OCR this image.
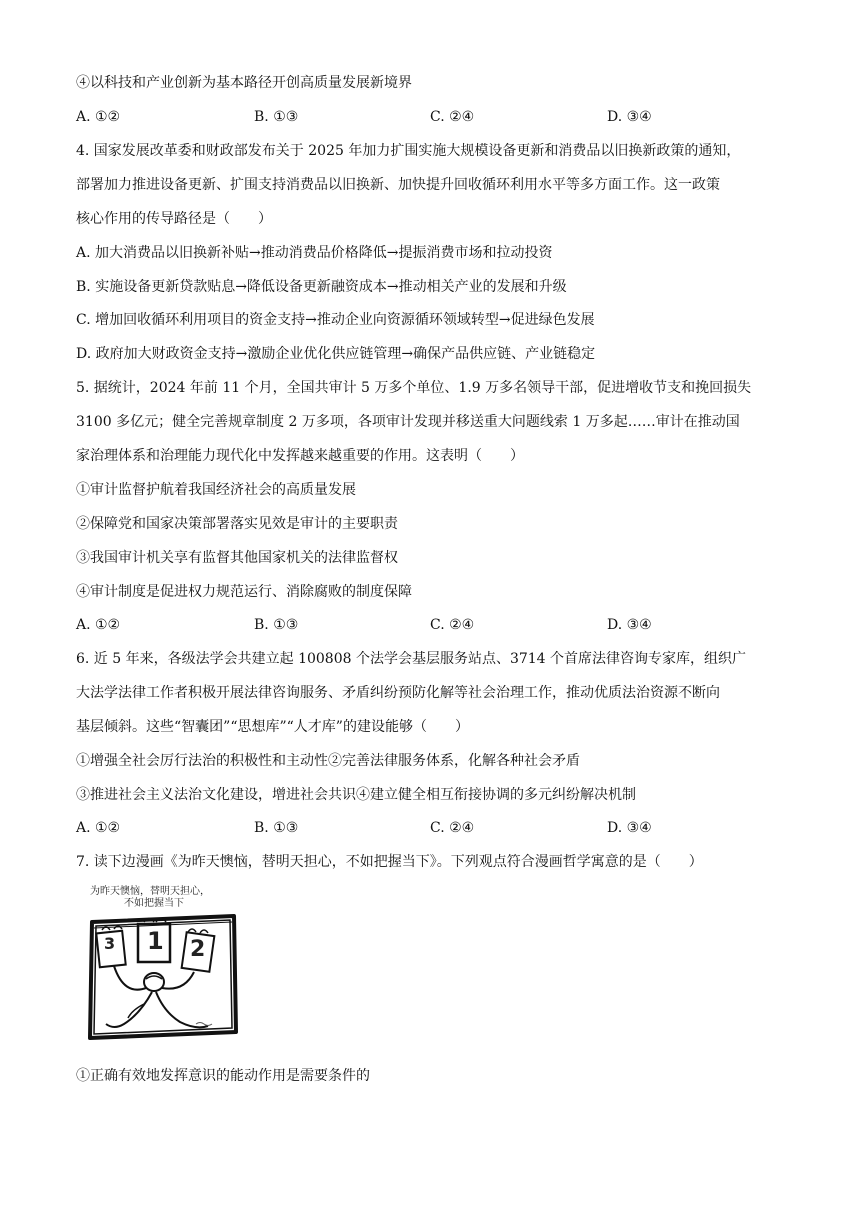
④以科技和产业创新为基本路径开创高质量发展新境界
A. ①②	B. ①③	C. ②④	D. ③④
4. 国家发展改革委和财政部发布关于 2025 年加力扩围实施大规模设备更新和消费品以旧换新政策的通知，
部署加力推进设备更新、扩围支持消费品以旧换新、加快提升回收循环利用水平等多方面工作。这一政策
核心作用的传导路径是（　　）
A. 加大消费品以旧换新补贴→推动消费品价格降低→提振消费市场和拉动投资
B. 实施设备更新贷款贴息→降低设备更新融资成本→推动相关产业的发展和升级
C. 增加回收循环利用项目的资金支持→推动企业向资源循环领域转型→促进绿色发展
D. 政府加大财政资金支持→激励企业优化供应链管理→确保产品供应链、产业链稳定
5. 据统计，2024 年前 11 个月，全国共审计 5 万多个单位、1.9 万多名领导干部，促进增收节支和挽回损失
3100 多亿元；健全完善规章制度 2 万多项，各项审计发现并移送重大问题线索 1 万多起……审计在推动国
家治理体系和治理能力现代化中发挥越来越重要的作用。这表明（　　）
①审计监督护航着我国经济社会的高质量发展
②保障党和国家决策部署落实见效是审计的主要职责
③我国审计机关享有监督其他国家机关的法律监督权
④审计制度是促进权力规范运行、消除腐败的制度保障
A. ①②	B. ①③	C. ②④	D. ③④
6. 近 5 年来，各级法学会共建立起 100808 个法学会基层服务站点、3714 个首席法律咨询专家库，组织广
大法学法律工作者积极开展法律咨询服务、矛盾纠纷预防化解等社会治理工作，推动优质法治资源不断向
基层倾斜。这些“智囊团”“思想库”“人才库”的建设能够（　　）
①增强全社会厉行法治的积极性和主动性②完善法律服务体系，化解各种社会矛盾
③推进社会主义法治文化建设，增进社会共识④建立健全相互衔接协调的多元纠纷解决机制
A. ①②	B. ①③	C. ②④	D. ③④
7. 读下边漫画《为昨天懊恼，替明天担心，不如把握当下》。下列观点符合漫画哲学寓意的是（　　）
为昨天懊恼，替明天担心，
不如把握当下
3 1 2
①正确有效地发挥意识的能动作用是需要条件的
